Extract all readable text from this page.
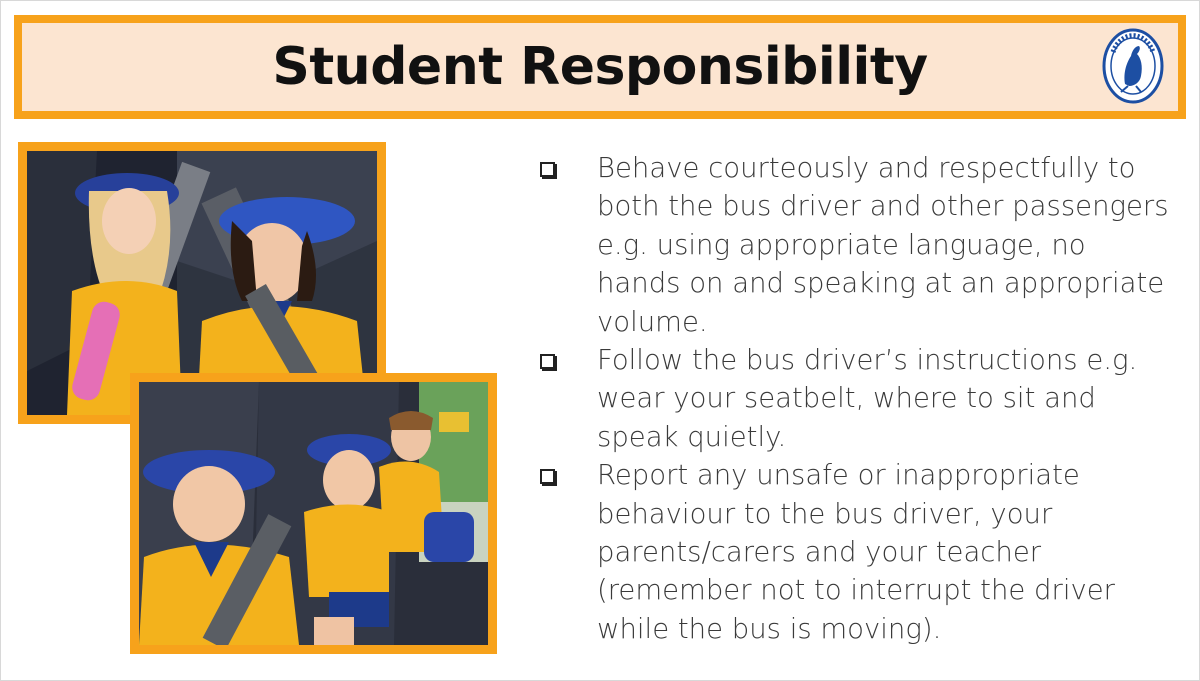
Student Responsibility
Behave courteously and respectfully to both the bus driver and other passengers e.g. using appropriate language, no hands on and speaking at an appropriate volume.
Follow the bus driver’s instructions e.g. wear your seatbelt, where to sit and speak quietly.
Report any unsafe or inappropriate behaviour to the bus driver, your parents/carers and your teacher (remember not to interrupt the driver while the bus is moving).
